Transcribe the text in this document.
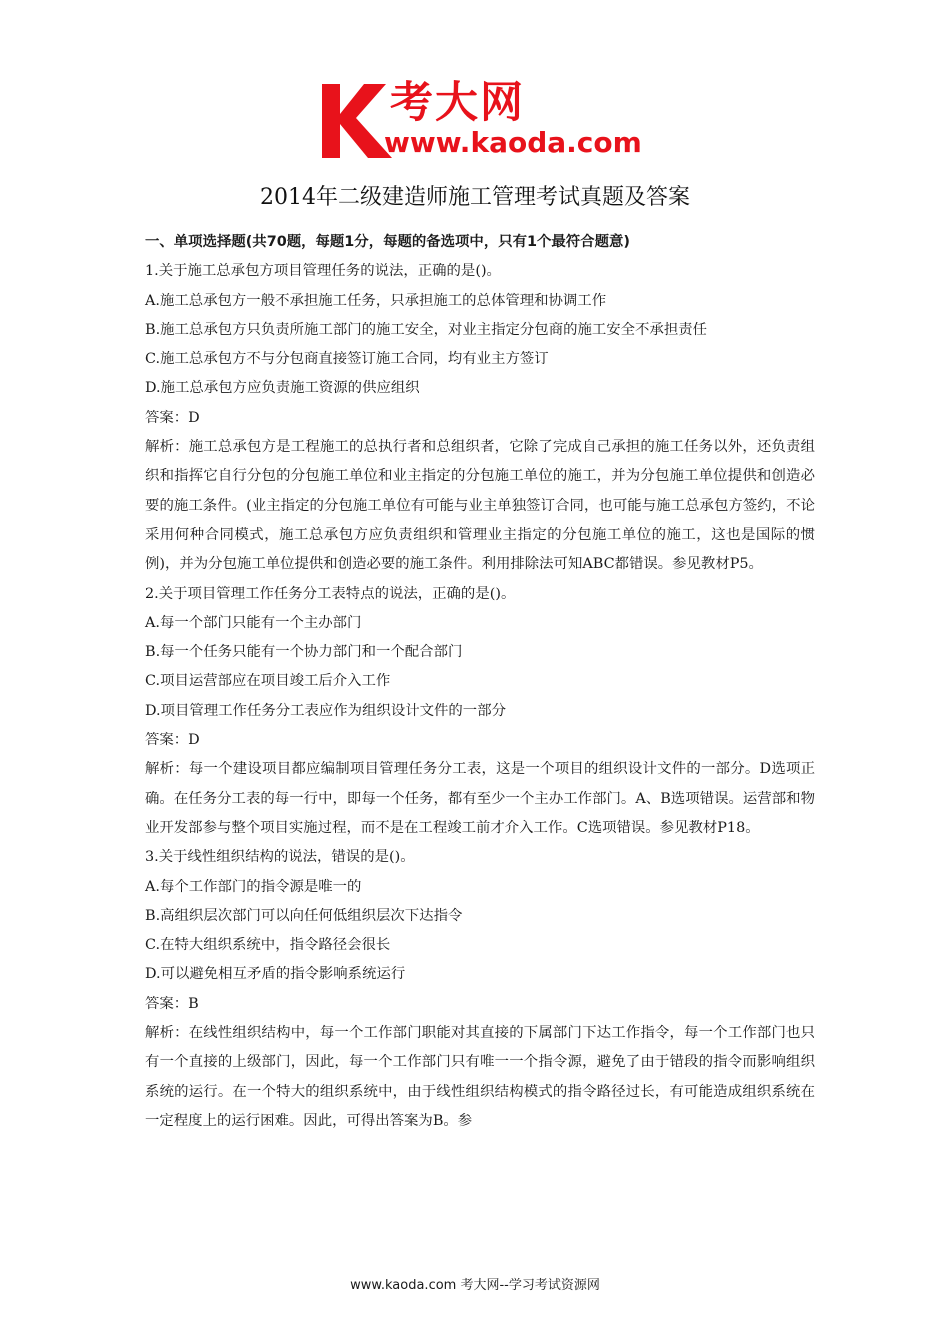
考大网
www.kaoda.com
2014年二级建造师施工管理考试真题及答案

一、单项选择题(共70题，每题1分，每题的备选项中，只有1个最符合题意)

1.关于施工总承包方项目管理任务的说法，正确的是()。

A.施工总承包方一般不承担施工任务，只承担施工的总体管理和协调工作

B.施工总承包方只负责所施工部门的施工安全，对业主指定分包商的施工安全不承担责任

C.施工总承包方不与分包商直接签订施工合同，均有业主方签订

D.施工总承包方应负责施工资源的供应组织

答案：D

解析：施工总承包方是工程施工的总执行者和总组织者，它除了完成自己承担的施工任务以外，还负责组织和指挥它自行分包的分包施工单位和业主指定的分包施工单位的施工，并为分包施工单位提供和创造必要的施工条件。(业主指定的分包施工单位有可能与业主单独签订合同，也可能与施工总承包方签约，不论采用何种合同模式，施工总承包方应负责组织和管理业主指定的分包施工单位的施工，这也是国际的惯例)，并为分包施工单位提供和创造必要的施工条件。利用排除法可知ABC都错误。参见教材P5。

2.关于项目管理工作任务分工表特点的说法，正确的是()。

A.每一个部门只能有一个主办部门

B.每一个任务只能有一个协力部门和一个配合部门

C.项目运营部应在项目竣工后介入工作

D.项目管理工作任务分工表应作为组织设计文件的一部分

答案：D

解析：每一个建设项目都应编制项目管理任务分工表，这是一个项目的组织设计文件的一部分。D选项正确。在任务分工表的每一行中，即每一个任务，都有至少一个主办工作部门。A、B选项错误。运营部和物业开发部参与整个项目实施过程，而不是在工程竣工前才介入工作。C选项错误。参见教材P18。

3.关于线性组织结构的说法，错误的是()。

A.每个工作部门的指令源是唯一的

B.高组织层次部门可以向任何低组织层次下达指令

C.在特大组织系统中，指令路径会很长

D.可以避免相互矛盾的指令影响系统运行

答案：B

解析：在线性组织结构中，每一个工作部门职能对其直接的下属部门下达工作指令，每一个工作部门也只有一个直接的上级部门，因此，每一个工作部门只有唯一一个指令源，避免了由于错段的指令而影响组织系统的运行。在一个特大的组织系统中，由于线性组织结构模式的指令路径过长，有可能造成组织系统在一定程度上的运行困难。因此，可得出答案为B。参

www.kaoda.com 考大网--学习考试资源网
